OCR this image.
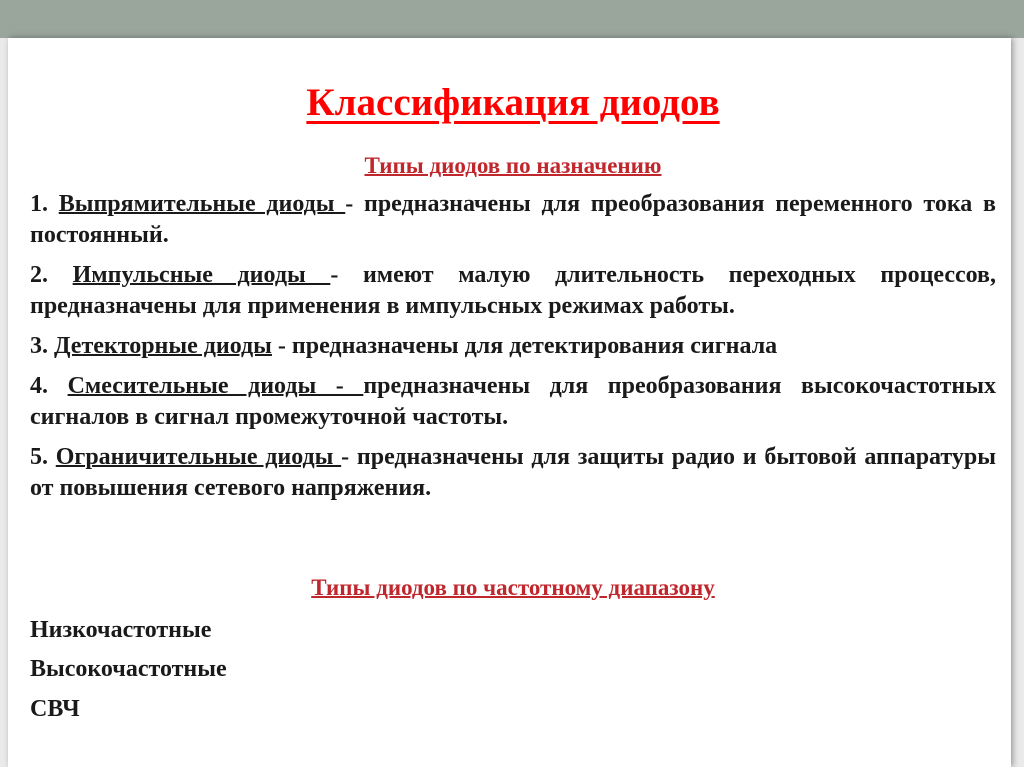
Классификация диодов

Типы диодов по назначению

1. Выпрямительные диоды - предназначены для преобразования переменного тока в постоянный.

2. Импульсные диоды - имеют малую длительность переходных процессов, предназначены для применения в импульсных режимах работы.

3. Детекторные диоды - предназначены для детектирования сигнала

4. Смесительные диоды - предназначены для преобразования высокочастотных сигналов в сигнал промежуточной частоты.

5. Ограничительные диоды - предназначены для защиты радио и бытовой аппаратуры от повышения сетевого напряжения.

Типы диодов по частотному диапазону

Низкочастотные

Высокочастотные

СВЧ
